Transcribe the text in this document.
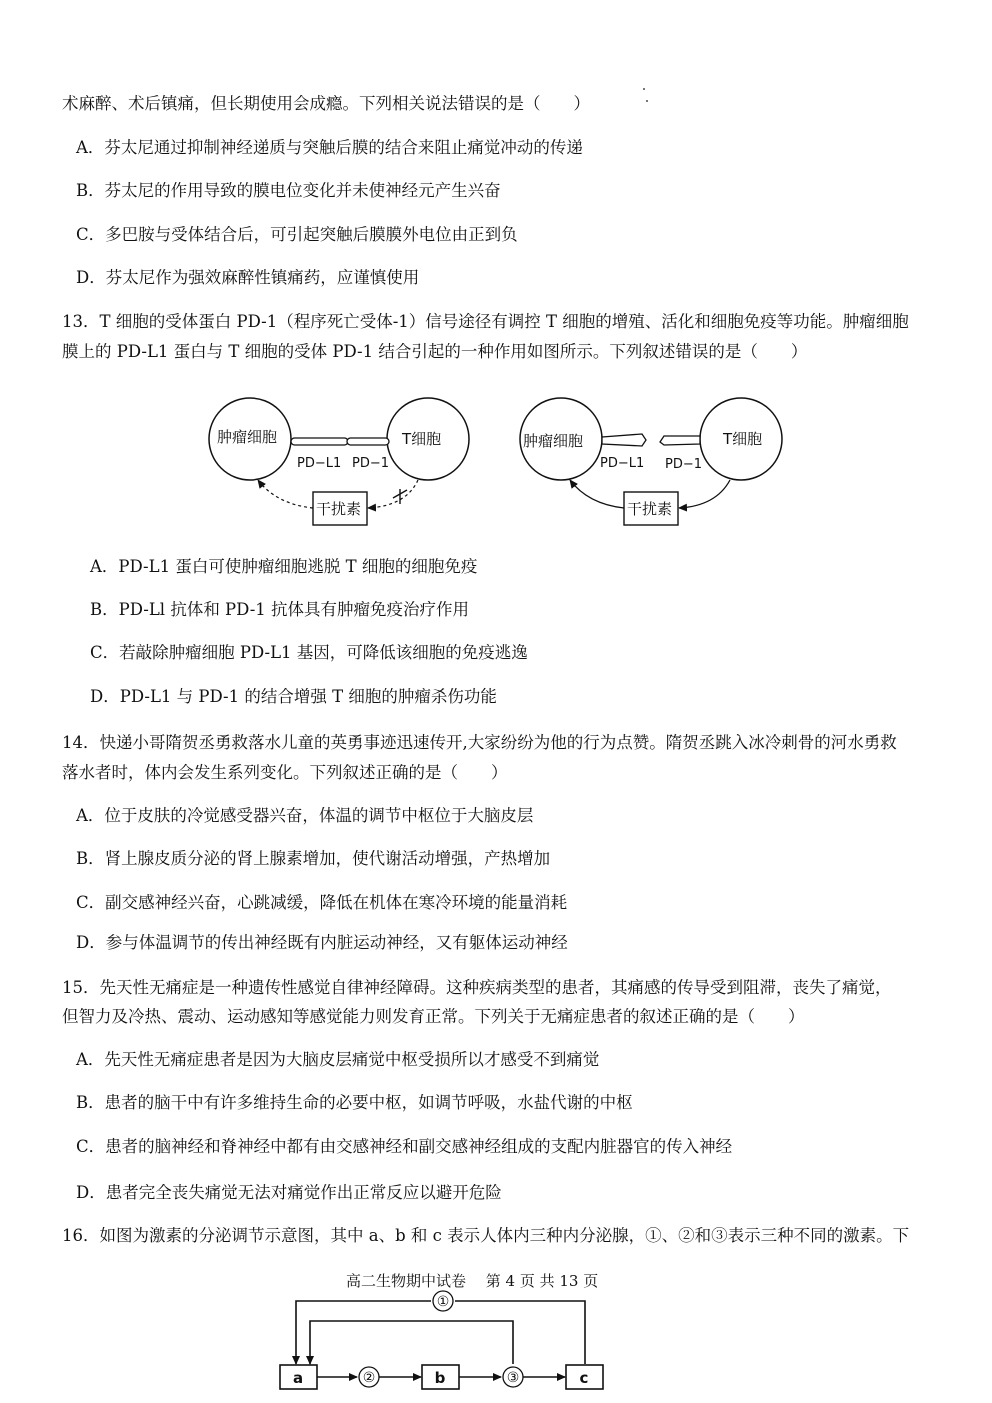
术麻醉、术后镇痛，但长期使用会成瘾。下列相关说法错误的是（　　）
A．芬太尼通过抑制神经递质与突触后膜的结合来阻止痛觉冲动的传递
B．芬太尼的作用导致的膜电位变化并未使神经元产生兴奋
C．多巴胺与受体结合后，可引起突触后膜膜外电位由正到负
D．芬太尼作为强效麻醉性镇痛药，应谨慎使用
13．T 细胞的受体蛋白 PD-1（程序死亡受体-1）信号途径有调控 T 细胞的增殖、活化和细胞免疫等功能。肿瘤细胞
膜上的 PD-L1 蛋白与 T 细胞的受体 PD-1 结合引起的一种作用如图所示。下列叙述错误的是（　　）
肿瘤细胞	T细胞
PD−L1 PD−1
干扰素
肿瘤细胞	T细胞
PD−L1 PD−1
干扰素
A．PD-L1 蛋白可使肿瘤细胞逃脱 T 细胞的细胞免疫
B．PD-Ll 抗体和 PD-1 抗体具有肿瘤免疫治疗作用
C．若敲除肿瘤细胞 PD-L1 基因，可降低该细胞的免疫逃逸
D．PD-L1 与 PD-1 的结合增强 T 细胞的肿瘤杀伤功能
14．快递小哥隋贺丞勇救落水儿童的英勇事迹迅速传开,大家纷纷为他的行为点赞。隋贺丞跳入冰冷刺骨的河水勇救
落水者时，体内会发生系列变化。下列叙述正确的是（　　）
A．位于皮肤的冷觉感受器兴奋，体温的调节中枢位于大脑皮层
B．肾上腺皮质分泌的肾上腺素增加，使代谢活动增强，产热增加
C．副交感神经兴奋，心跳减缓，降低在机体在寒冷环境的能量消耗
D．参与体温调节的传出神经既有内脏运动神经，又有躯体运动神经
15．先天性无痛症是一种遗传性感觉自律神经障碍。这种疾病类型的患者，其痛感的传导受到阻滞，丧失了痛觉，
但智力及冷热、震动、运动感知等感觉能力则发育正常。下列关于无痛症患者的叙述正确的是（　　）
A．先天性无痛症患者是因为大脑皮层痛觉中枢受损所以才感受不到痛觉
B．患者的脑干中有许多维持生命的必要中枢，如调节呼吸，水盐代谢的中枢
C．患者的脑神经和脊神经中都有由交感神经和副交感神经组成的支配内脏器官的传入神经
D．患者完全丧失痛觉无法对痛觉作出正常反应以避开危险
16．如图为激素的分泌调节示意图，其中 a、b 和 c 表示人体内三种内分泌腺，①、②和③表示三种不同的激素。下
高二生物期中试卷　 第 4 页 共 13 页
①
a	b	c
②	③
